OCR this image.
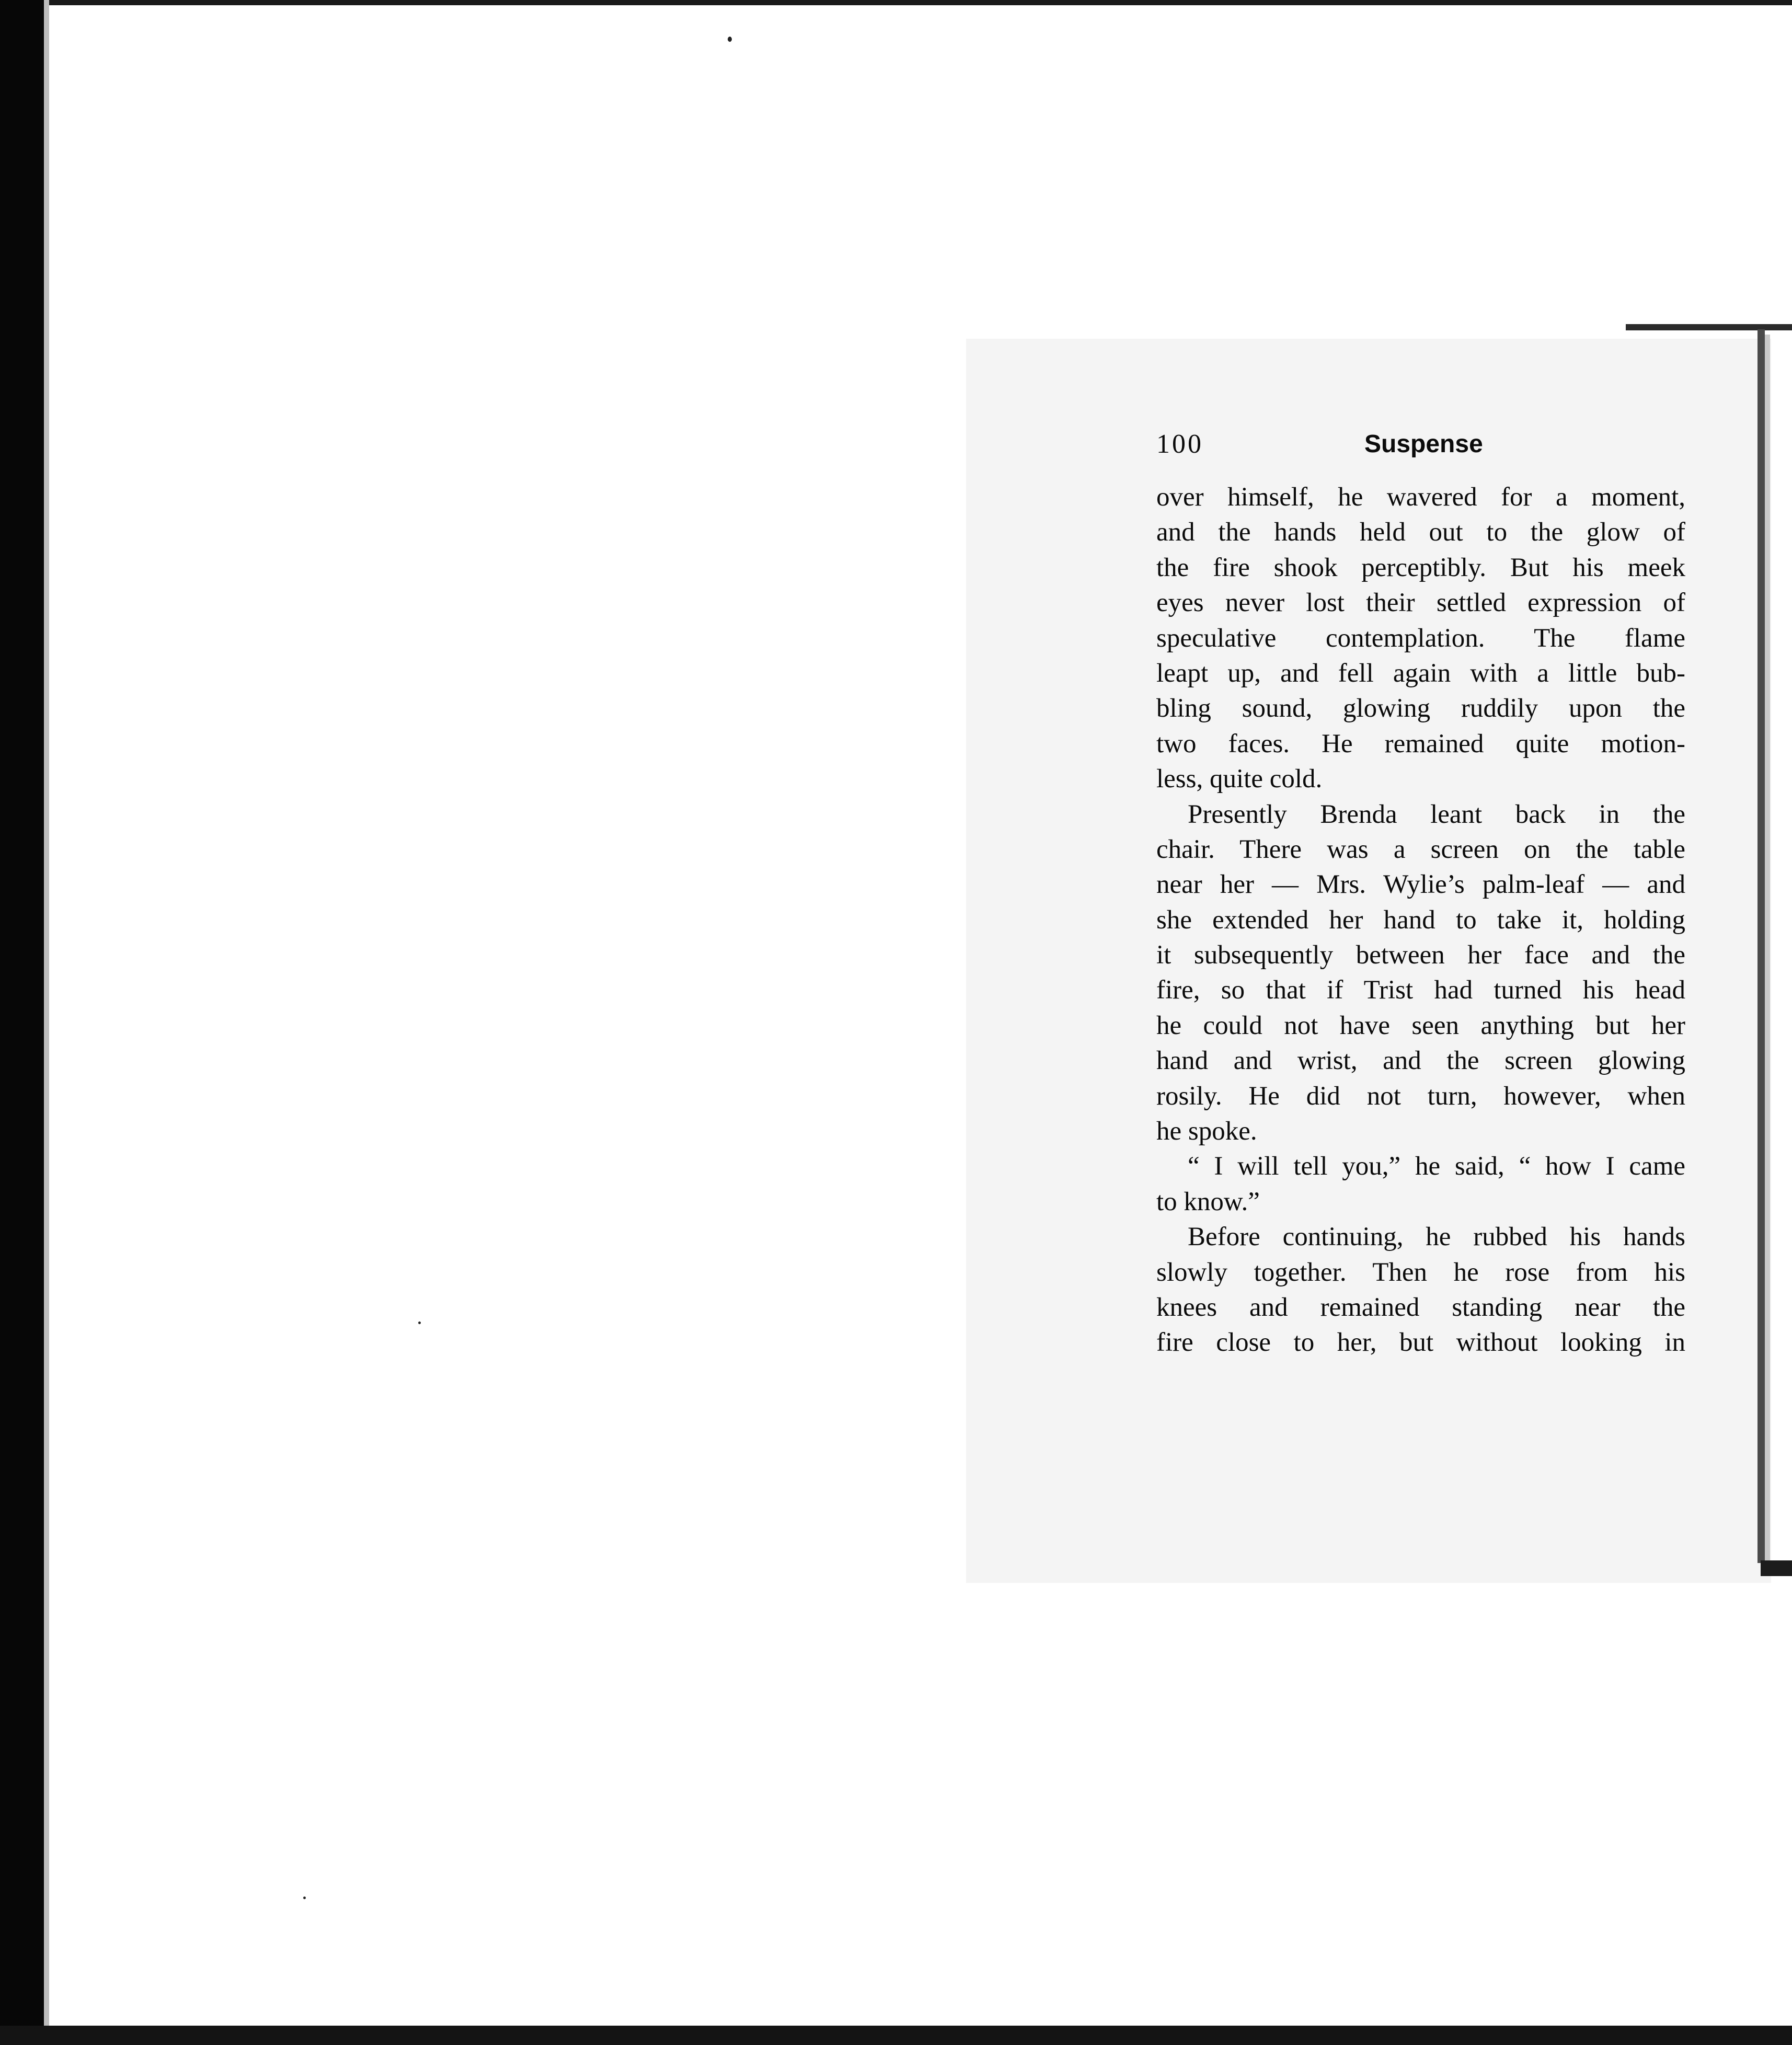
100	Suspense
over himself, he wavered for a moment,
and the hands held out to the glow of
the fire shook perceptibly. But his meek
eyes never lost their settled expression of
speculative contemplation. The flame
leapt up, and fell again with a little bub-
bling sound, glowing ruddily upon the
two faces. He remained quite motion-
less, quite cold.
Presently Brenda leant back in the
chair. There was a screen on the table
near her — Mrs. Wylie’s palm-leaf — and
she extended her hand to take it, holding
it subsequently between her face and the
fire, so that if Trist had turned his head
he could not have seen anything but her
hand and wrist, and the screen glowing
rosily. He did not turn, however, when
he spoke.
“ I will tell you,” he said, “ how I came
to know.”
Before continuing, he rubbed his hands
slowly together. Then he rose from his
knees and remained standing near the
fire close to her, but without looking in
